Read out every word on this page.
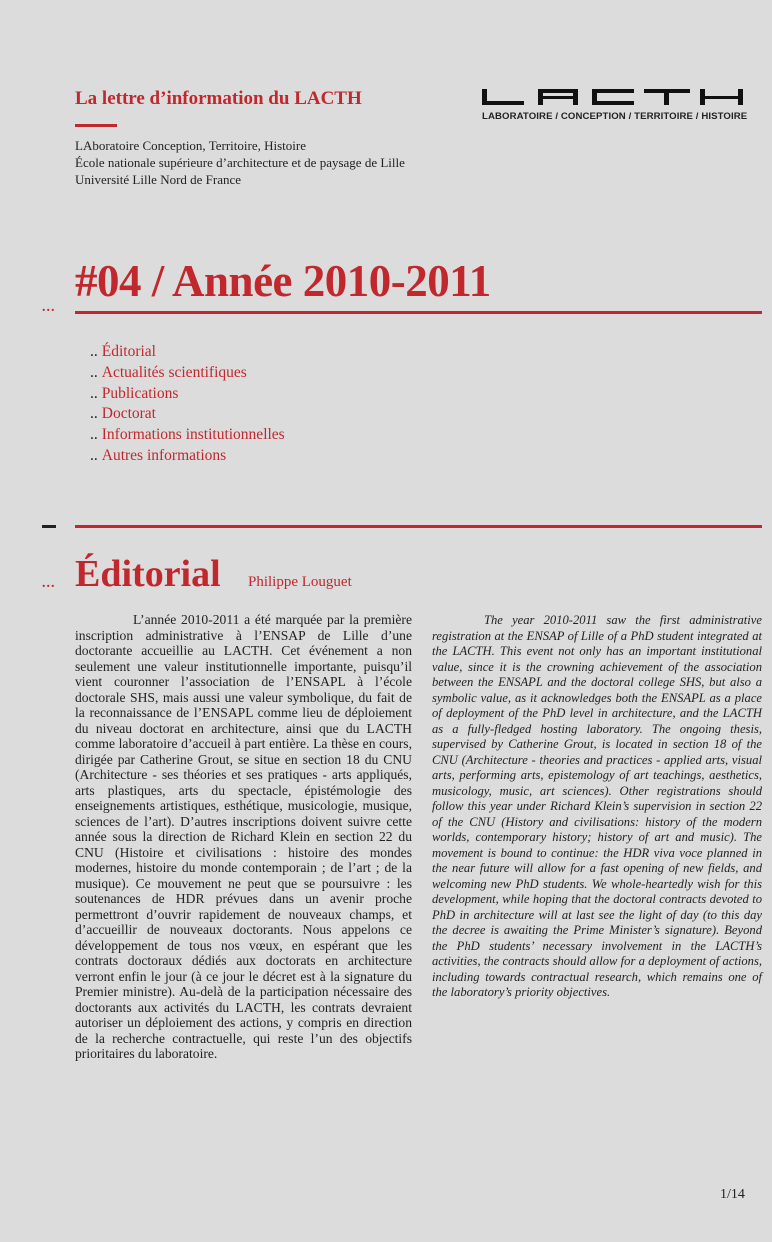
La lettre d’information du LACTH
LAboratoire Conception, Territoire, Histoire
École nationale supérieure d’architecture et de paysage de Lille
Université Lille Nord de France
LABORATOIRE / CONCEPTION / TERRITOIRE / HISTOIRE
#04 / Année 2010-2011
...
.. Éditorial
.. Actualités scientifiques
.. Publications
.. Doctorat
.. Informations institutionnelles
.. Autres informations
... Éditorial Philippe Louguet

L’année 2010-2011 a été marquée par la première inscription administrative à l’ENSAP de Lille d’une doctorante accueillie au LACTH. Cet événement a non seulement une valeur institutionnelle importante, puisqu’il vient couronner l’association de l’ENSAPL à l’école doctorale SHS, mais aussi une valeur symbolique, du fait de la reconnaissance de l’ENSAPL comme lieu de déploiement du niveau doctorat en architecture, ainsi que du LACTH comme laboratoire d’accueil à part entière. La thèse en cours, dirigée par Catherine Grout, se situe en section 18 du CNU (Architecture - ses théories et ses pratiques - arts appliqués, arts plastiques, arts du spectacle, épistémologie des enseignements artistiques, esthétique, musicologie, musique, sciences de l’art). D’autres inscriptions doivent suivre cette année sous la direction de Richard Klein en section 22 du CNU (Histoire et civilisations : histoire des mondes modernes, histoire du monde contemporain ; de l’art ; de la musique). Ce mouvement ne peut que se poursuivre : les soutenances de HDR prévues dans un avenir proche permettront d’ouvrir rapidement de nouveaux champs, et d’accueillir de nouveaux doctorants. Nous appelons ce développement de tous nos vœux, en espérant que les contrats doctoraux dédiés aux doctorats en architecture verront enfin le jour (à ce jour le décret est à la signature du Premier ministre). Au-delà de la participation nécessaire des doctorants aux activités du LACTH, les contrats devraient autoriser un déploiement des actions, y compris en direction de la recherche contractuelle, qui reste l’un des objectifs prioritaires du laboratoire.

The year 2010-2011 saw the first administrative registration at the ENSAP of Lille of a PhD student integrated at the LACTH. This event not only has an important institutional value, since it is the crowning achievement of the association between the ENSAPL and the doctoral college SHS, but also a symbolic value, as it acknowledges both the ENSAPL as a place of deployment of the PhD level in architecture, and the LACTH as a fully-fledged hosting laboratory. The ongoing thesis, supervised by Catherine Grout, is located in section 18 of the CNU (Architecture - theories and practices - applied arts, visual arts, performing arts, epistemology of art teachings, aesthetics, musicology, music, art sciences). Other registrations should follow this year under Richard Klein’s supervision in section 22 of the CNU (History and civilisations: history of the modern worlds, contemporary history; history of art and music). The movement is bound to continue: the HDR viva voce planned in the near future will allow for a fast opening of new fields, and welcoming new PhD students. We whole-heartedly wish for this development, while hoping that the doctoral contracts devoted to PhD in architecture will at last see the light of day (to this day the decree is awaiting the Prime Minister’s signature). Beyond the PhD students’ necessary involvement in the LACTH’s activities, the contracts should allow for a deployment of actions, including towards contractual research, which remains one of the laboratory’s priority objectives.

1/14
